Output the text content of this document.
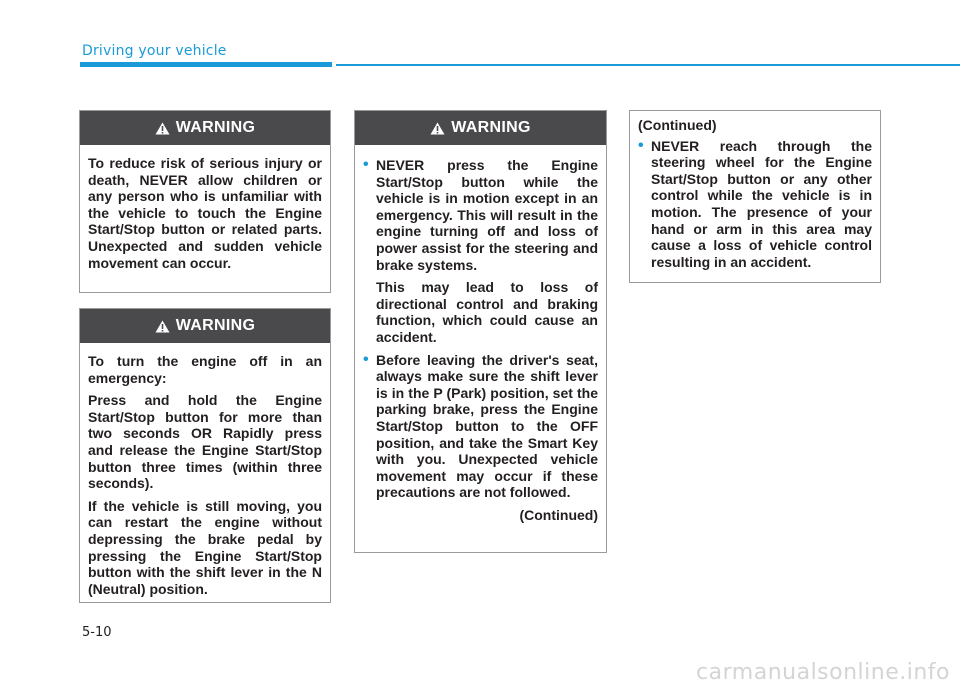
Driving your vehicle
WARNING

To reduce risk of serious injury or death, NEVER allow children or any person who is unfamiliar with the vehicle to touch the Engine Start/Stop button or related parts. Unexpected and sudden vehicle movement can occur.

WARNING

To turn the engine off in an emergency:

Press and hold the Engine Start/Stop button for more than two seconds OR Rapidly press and release the Engine Start/Stop button three times (within three seconds).

If the vehicle is still moving, you can restart the engine without depressing the brake pedal by pressing the Engine Start/Stop button with the shift lever in the N (Neutral) position.

WARNING
• NEVER press the Engine Start/Stop button while the vehicle is in motion except in an emergency. This will result in the engine turning off and loss of power assist for the steering and brake systems.
This may lead to loss of directional control and braking function, which could cause an accident.
• Before leaving the driver's seat, always make sure the shift lever is in the P (Park) position, set the parking brake, press the Engine Start/Stop button to the OFF position, and take the Smart Key with you. Unexpected vehicle movement may occur if these precautions are not followed.

(Continued)

(Continued)

• NEVER reach through the steering wheel for the Engine Start/Stop button or any other control while the vehicle is in motion. The presence of your hand or arm in this area may cause a loss of vehicle control resulting in an accident.
5-10
carmanualsonline.info
